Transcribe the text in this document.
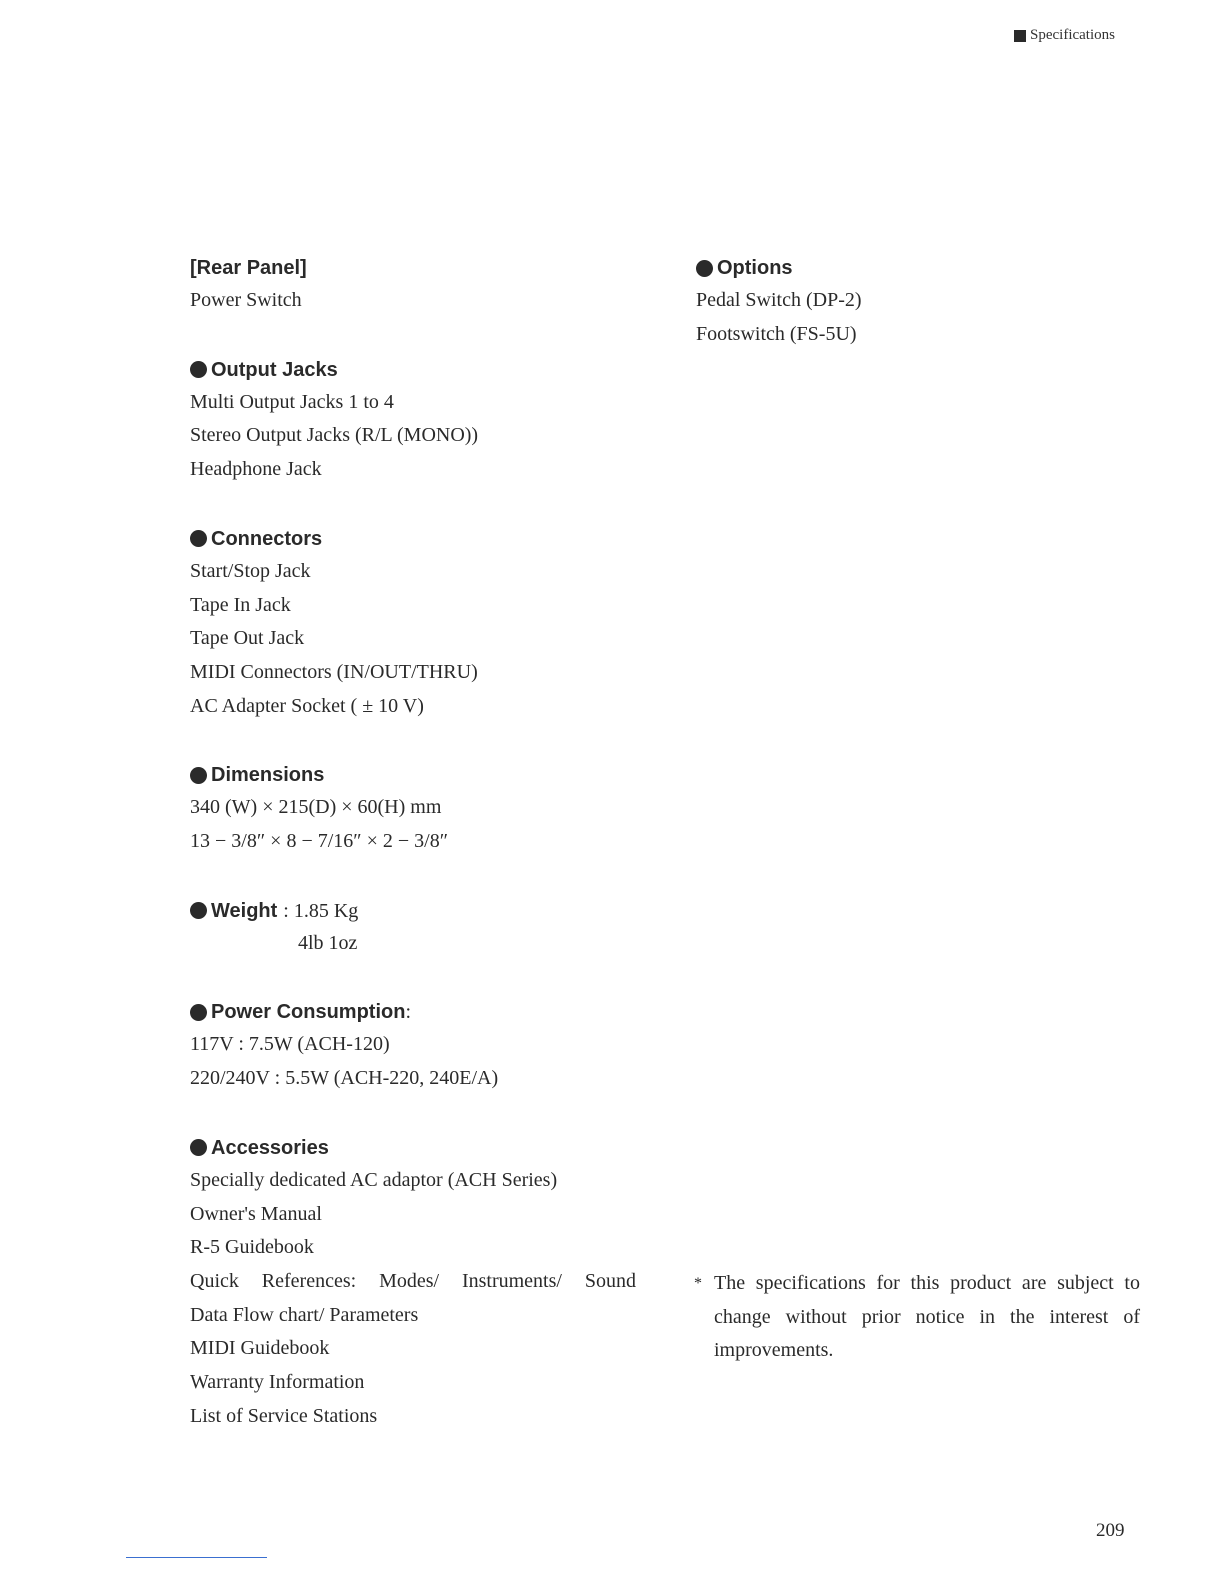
Specifications
[Rear Panel]
Power Switch
Output Jacks
Multi Output Jacks 1 to 4
Stereo Output Jacks (R/L (MONO))
Headphone Jack
Connectors
Start/Stop Jack
Tape In Jack
Tape Out Jack
MIDI Connectors (IN/OUT/THRU)
AC Adapter Socket ( ± 10 V)
Dimensions
340 (W) × 215(D) × 60(H) mm
13 − 3/8″ × 8 − 7/16″ × 2 − 3/8″
Weight : 1.85 Kg
4lb 1oz
Power Consumption :
117V : 7.5W (ACH-120)
220/240V : 5.5W (ACH-220, 240E/A)
Accessories
Specially dedicated AC adaptor (ACH Series)
Owner's Manual
R-5 Guidebook
Quick References: Modes/ Instruments/ Sound
Data Flow chart/ Parameters
MIDI Guidebook
Warranty Information
List of Service Stations
Options
Pedal Switch (DP-2)
Footswitch (FS-5U)
* The specifications for this product are subject to change without prior notice in the interest of improvements.
209
